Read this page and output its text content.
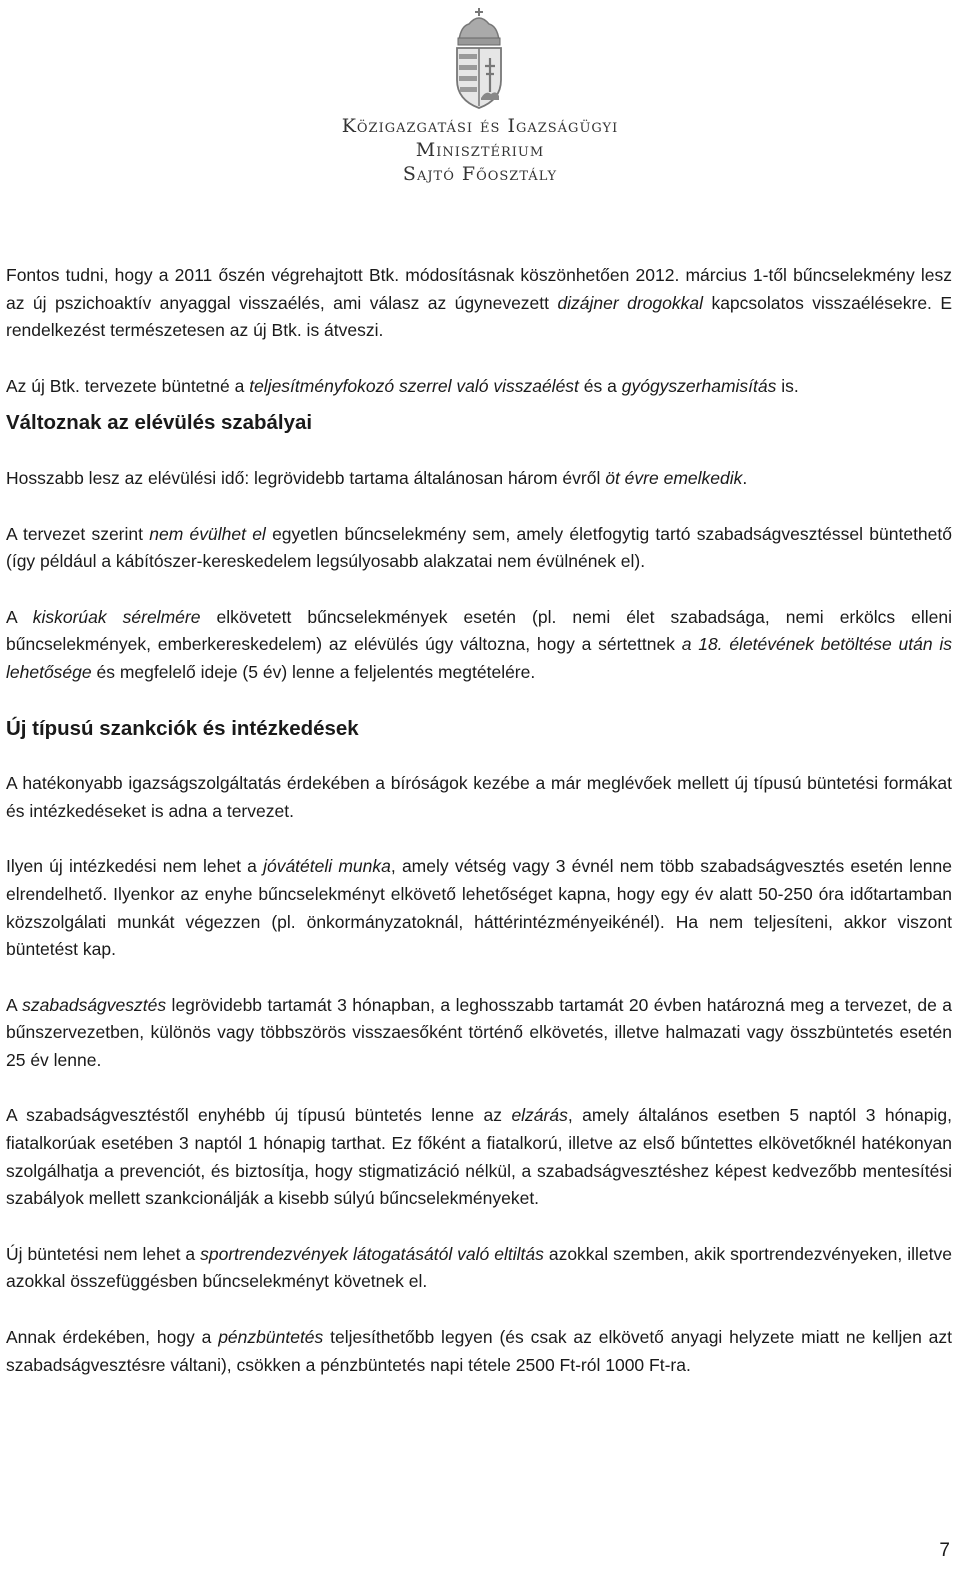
Közigazgatási és Igazságügyi
Minisztérium
Sajtó Főosztály

Fontos tudni, hogy a 2011 őszén végrehajtott Btk. módosításnak köszönhetően 2012. március 1-től bűncselekmény lesz az új pszichoaktív anyaggal visszaélés, ami válasz az úgynevezett dizájner drogokkal kapcsolatos visszaélésekre. E rendelkezést természetesen az új Btk. is átveszi.

Az új Btk. tervezete büntetné a teljesítményfokozó szerrel való visszaélést és a gyógyszerhamisítás is.

Változnak az elévülés szabályai

Hosszabb lesz az elévülési idő: legrövidebb tartama általánosan három évről öt évre emelkedik.

A tervezet szerint nem évülhet el egyetlen bűncselekmény sem, amely életfogytig tartó szabadságvesztéssel büntethető (így például a kábítószer-kereskedelem legsúlyosabb alakzatai nem évülnének el).

A kiskorúak sérelmére elkövetett bűncselekmények esetén (pl. nemi élet szabadsága, nemi erkölcs elleni bűncselekmények, emberkereskedelem) az elévülés úgy változna, hogy a sértettnek a 18. életévének betöltése után is lehetősége és megfelelő ideje (5 év) lenne a feljelentés megtételére.

Új típusú szankciók és intézkedések

A hatékonyabb igazságszolgáltatás érdekében a bíróságok kezébe a már meglévőek mellett új típusú büntetési formákat és intézkedéseket is adna a tervezet.

Ilyen új intézkedési nem lehet a jóvátételi munka, amely vétség vagy 3 évnél nem több szabadságvesztés esetén lenne elrendelhető. Ilyenkor az enyhe bűncselekményt elkövető lehetőséget kapna, hogy egy év alatt 50-250 óra időtartamban közszolgálati munkát végezzen (pl. önkormányzatoknál, háttérintézményeikénél). Ha nem teljesíteni, akkor viszont büntetést kap.

A szabadságvesztés legrövidebb tartamát 3 hónapban, a leghosszabb tartamát 20 évben határozná meg a tervezet, de a bűnszervezetben, különös vagy többszörös visszaesőként történő elkövetés, illetve halmazati vagy összbüntetés esetén 25 év lenne.

A szabadságvesztéstől enyhébb új típusú büntetés lenne az elzárás, amely általános esetben 5 naptól 3 hónapig, fiatalkorúak esetében 3 naptól 1 hónapig tarthat. Ez főként a fiatalkorú, illetve az első bűntettes elkövetőknél hatékonyan szolgálhatja a prevenciót, és biztosítja, hogy stigmatizáció nélkül, a szabadságvesztéshez képest kedvezőbb mentesítési szabályok mellett szankcionálják a kisebb súlyú bűncselekményeket.

Új büntetési nem lehet a sportrendezvények látogatásától való eltiltás azokkal szemben, akik sportrendezvényeken, illetve azokkal összefüggésben bűncselekményt követnek el.

Annak érdekében, hogy a pénzbüntetés teljesíthetőbb legyen (és csak az elkövető anyagi helyzete miatt ne kelljen azt szabadságvesztésre váltani), csökken a pénzbüntetés napi tétele 2500 Ft-ról 1000 Ft-ra.

7
